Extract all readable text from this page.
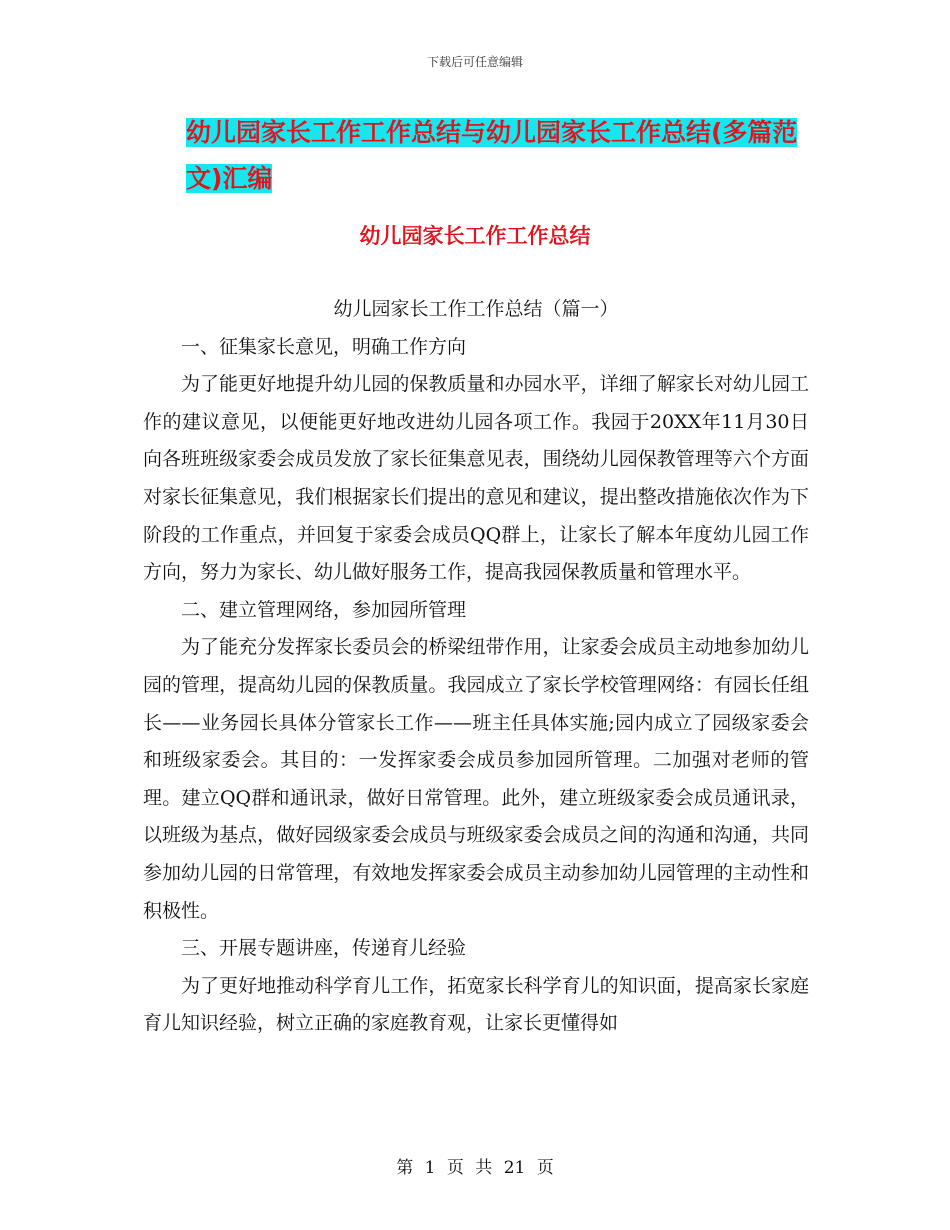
下载后可任意编辑
幼儿园家长工作工作总结与幼儿园家长工作总结(多篇范文)汇编
幼儿园家长工作工作总结

幼儿园家长工作工作总结（篇一）

一、征集家长意见，明确工作方向

为了能更好地提升幼儿园的保教质量和办园水平，详细了解家长对幼儿园工作的建议意见，以便能更好地改进幼儿园各项工作。我园于20XX年11月30日向各班班级家委会成员发放了家长征集意见表，围绕幼儿园保教管理等六个方面对家长征集意见，我们根据家长们提出的意见和建议，提出整改措施依次作为下阶段的工作重点，并回复于家委会成员QQ群上，让家长了解本年度幼儿园工作方向，努力为家长、幼儿做好服务工作，提高我园保教质量和管理水平。

二、建立管理网络，参加园所管理

为了能充分发挥家长委员会的桥梁纽带作用，让家委会成员主动地参加幼儿园的管理，提高幼儿园的保教质量。我园成立了家长学校管理网络：有园长任组长——业务园长具体分管家长工作——班主任具体实施;园内成立了园级家委会和班级家委会。其目的：一发挥家委会成员参加园所管理。二加强对老师的管理。建立QQ群和通讯录，做好日常管理。此外，建立班级家委会成员通讯录，以班级为基点，做好园级家委会成员与班级家委会成员之间的沟通和沟通，共同参加幼儿园的日常管理，有效地发挥家委会成员主动参加幼儿园管理的主动性和积极性。

三、开展专题讲座，传递育儿经验

为了更好地推动科学育儿工作，拓宽家长科学育儿的知识面，提高家长家庭育儿知识经验，树立正确的家庭教育观，让家长更懂得如

第 1 页 共 21 页
